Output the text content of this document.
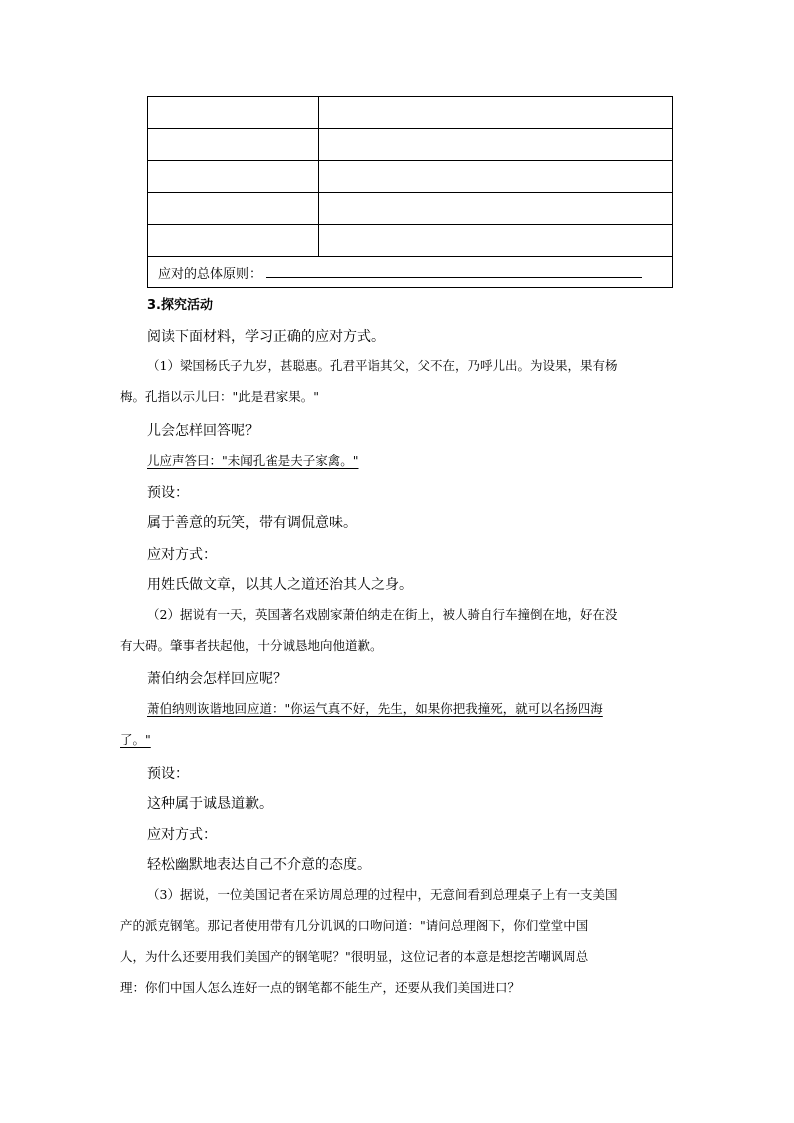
应对的总体原则：	
3.探究活动
阅读下面材料，学习正确的应对方式。
（1）梁国杨氏子九岁，甚聪惠。孔君平诣其父，父不在，乃呼儿出。为设果，果有杨
梅。孔指以示儿曰："此是君家果。"
儿会怎样回答呢？
儿应声答曰："未闻孔雀是夫子家禽。"
预设：
属于善意的玩笑，带有调侃意味。
应对方式：
用姓氏做文章，以其人之道还治其人之身。
（2）据说有一天，英国著名戏剧家萧伯纳走在街上，被人骑自行车撞倒在地，好在没
有大碍。肇事者扶起他，十分诚恳地向他道歉。
萧伯纳会怎样回应呢？
萧伯纳则诙谐地回应道："你运气真不好，先生，如果你把我撞死，就可以名扬四海
了。"
预设：
这种属于诚恳道歉。
应对方式：
轻松幽默地表达自己不介意的态度。
（3）据说，一位美国记者在采访周总理的过程中，无意间看到总理桌子上有一支美国
产的派克钢笔。那记者使用带有几分讥讽的口吻问道："请问总理阁下，你们堂堂中国
人，为什么还要用我们美国产的钢笔呢？"很明显，这位记者的本意是想挖苦嘲讽周总
理：你们中国人怎么连好一点的钢笔都不能生产，还要从我们美国进口？
